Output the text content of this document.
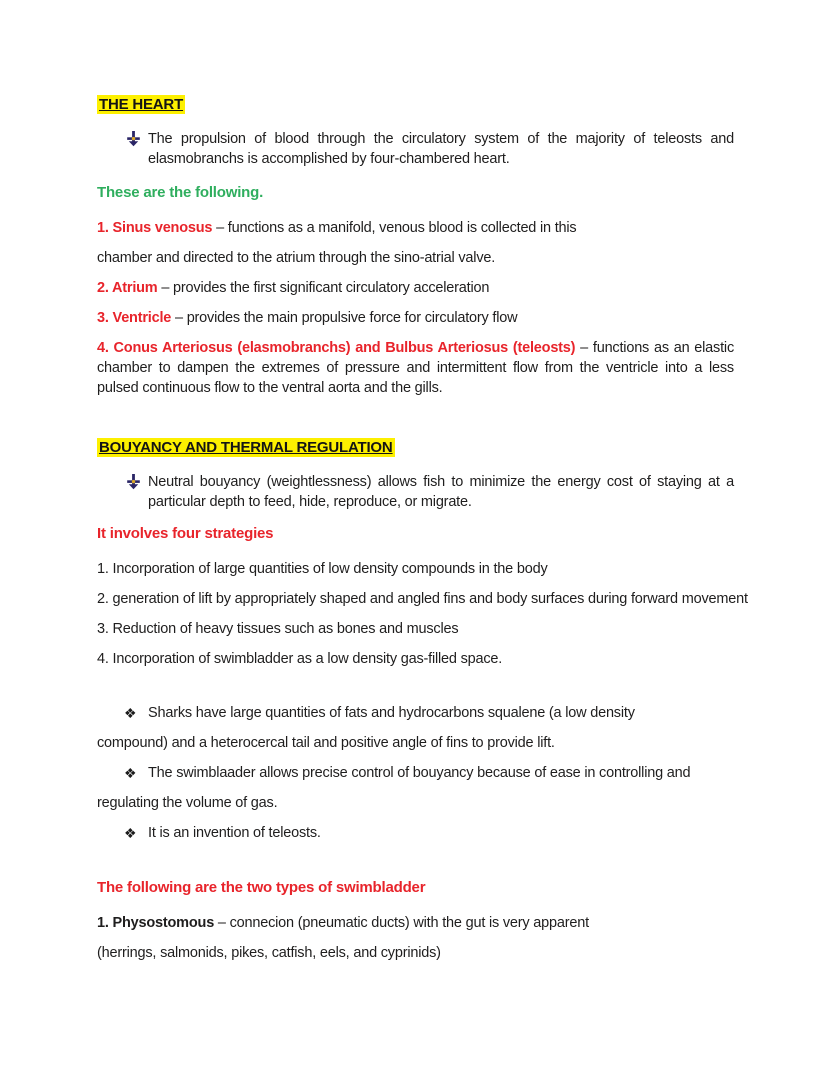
THE HEART
The propulsion of blood through the circulatory system of the majority of teleosts and elasmobranchs is accomplished by four-chambered heart.

These are the following.

1. Sinus venosus – functions as a manifold, venous blood is collected in this

chamber and directed to the atrium through the sino-atrial valve.

2. Atrium – provides the first significant circulatory acceleration

3. Ventricle – provides the main propulsive force for circulatory flow

4. Conus Arteriosus (elasmobranchs) and Bulbus Arteriosus (teleosts) – functions as an elastic chamber to dampen the extremes of pressure and intermittent flow from the ventricle into a less pulsed continuous flow to the ventral aorta and the gills.

BOUYANCY AND THERMAL REGULATION
Neutral bouyancy (weightlessness) allows fish to minimize the energy cost of staying at a particular depth to feed, hide, reproduce, or migrate.

It involves four strategies

1. Incorporation of large quantities of low density compounds in the body

2. generation of lift by appropriately shaped and angled fins and body surfaces during forward movement

3. Reduction of heavy tissues such as bones and muscles

4. Incorporation of swimbladder as a low density gas-filled space.

❖ Sharks have large quantities of fats and hydrocarbons squalene (a low density

compound) and a heterocercal tail and positive angle of fins to provide lift.

❖ The swimblaader allows precise control of bouyancy because of ease in controlling and

regulating the volume of gas.

❖ It is an invention of teleosts.

The following are the two types of swimbladder

1. Physostomous – connecion (pneumatic ducts) with the gut is very apparent

(herrings, salmonids, pikes, catfish, eels, and cyprinids)
